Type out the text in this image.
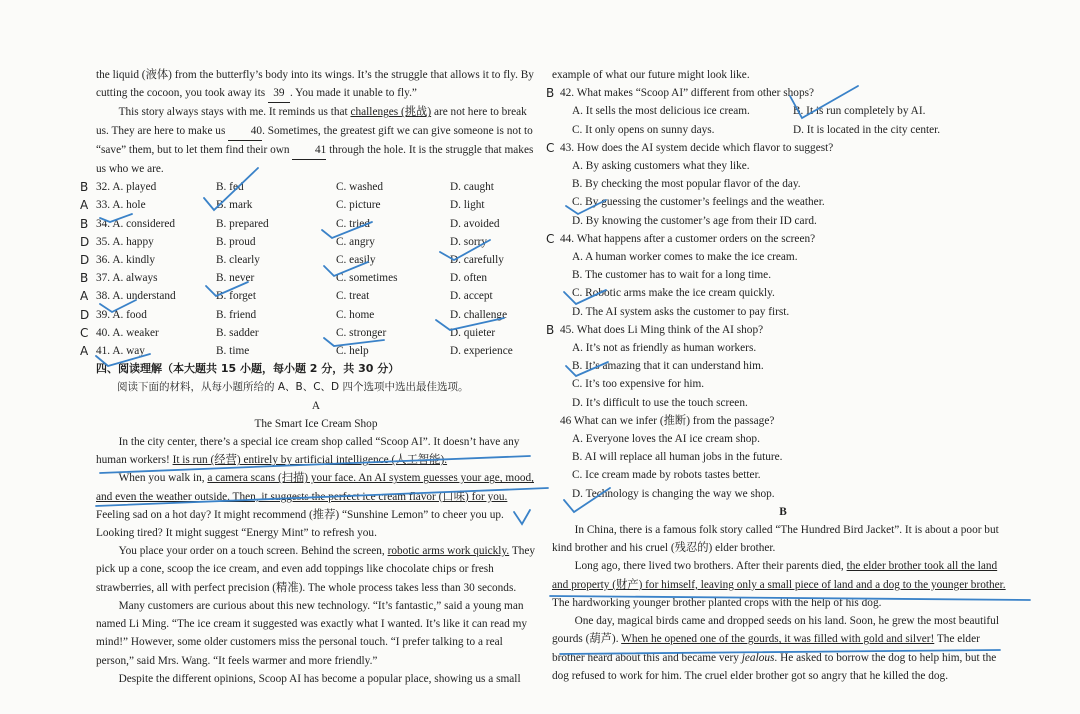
the liquid (液体) from the butterfly’s body into its wings. It’s the struggle that allows it to fly. By cutting the cocoon, you took away its 39 . You made it unable to fly.”

This story always stays with me. It reminds us that challenges (挑战) are not here to break us. They are here to make us 40. Sometimes, the greatest gift we can give someone is not to “save” them, but to let them find their own 41 through the hole. It is the struggle that makes us who we are.

B 32. A. played	B. fed	C. washed	D. caught
A 33. A. hole	B. mark	C. picture	D. light
B 34. A. considered	B. prepared	C. tried	D. avoided
D 35. A. happy	B. proud	C. angry	D. sorry
D 36. A. kindly	B. clearly	C. easily	D. carefully
B 37. A. always	B. never	C. sometimes	D. often
A 38. A. understand	B. forget	C. treat	D. accept
D 39. A. food	B. friend	C. home	D. challenge
C 40. A. weaker	B. sadder	C. stronger	D. quieter
A 41. A. way	B. time	C. help	D. experience

四、阅读理解（本大题共 15 小题，每小题 2 分，共 30 分）

阅读下面的材料，从每小题所给的 A、B、C、D 四个选项中选出最佳选项。

A

The Smart Ice Cream Shop

In the city center, there’s a special ice cream shop called “Scoop AI”. It doesn’t have any human workers! It is run (经营) entirely by artificial intelligence (人工智能).

When you walk in, a camera scans (扫描) your face. An AI system guesses your age, mood, and even the weather outside. Then, it suggests the perfect ice cream flavor (口味) for you. Feeling sad on a hot day? It might recommend (推荐) “Sunshine Lemon” to cheer you up. Looking tired? It might suggest “Energy Mint” to refresh you.

You place your order on a touch screen. Behind the screen, robotic arms work quickly. They pick up a cone, scoop the ice cream, and even add toppings like chocolate chips or fresh strawberries, all with perfect precision (精准). The whole process takes less than 30 seconds.

Many customers are curious about this new technology. “It’s fantastic,” said a young man named Li Ming. “The ice cream it suggested was exactly what I wanted. It’s like it can read my mind!” However, some older customers miss the personal touch. “I prefer talking to a real person,” said Mrs. Wang. “It feels warmer and more friendly.”

Despite the different opinions, Scoop AI has become a popular place, showing us a small

example of what our future might look like.

B 42. What makes “Scoop AI” different from other shops?

A. It sells the most delicious ice cream.	B. It is run completely by AI.
C. It only opens on sunny days.	D. It is located in the city center.
C 43. How does the AI system decide which flavor to suggest?

A. By asking customers what they like.

B. By checking the most popular flavor of the day.

C. By guessing the customer’s feelings and the weather.

D. By knowing the customer’s age from their ID card.

C 44. What happens after a customer orders on the screen?

A. A human worker comes to make the ice cream.

B. The customer has to wait for a long time.

C. Robotic arms make the ice cream quickly.

D. The AI system asks the customer to pay first.

B 45. What does Li Ming think of the AI shop?

A. It’s not as friendly as human workers.

B. It’s amazing that it can understand him.

C. It’s too expensive for him.

D. It’s difficult to use the touch screen.

46 What can we infer (推断) from the passage?

A. Everyone loves the AI ice cream shop.

B. AI will replace all human jobs in the future.

C. Ice cream made by robots tastes better.

D. Technology is changing the way we shop.

B

In China, there is a famous folk story called “The Hundred Bird Jacket”. It is about a poor but kind brother and his cruel (残忍的) elder brother.

Long ago, there lived two brothers. After their parents died, the elder brother took all the land and property (财产) for himself, leaving only a small piece of land and a dog to the younger brother. The hardworking younger brother planted crops with the help of his dog.

One day, magical birds came and dropped seeds on his land. Soon, he grew the most beautiful gourds (葫芦). When he opened one of the gourds, it was filled with gold and silver! The elder brother heard about this and became very jealous. He asked to borrow the dog to help him, but the dog refused to work for him. The cruel elder brother got so angry that he killed the dog.
